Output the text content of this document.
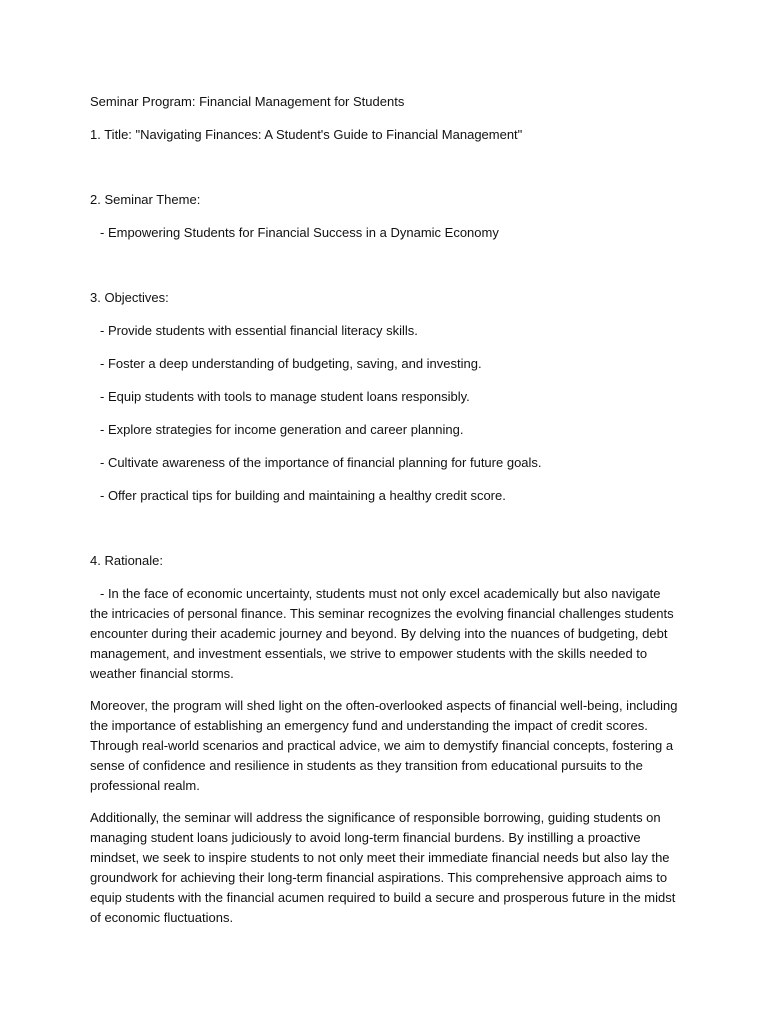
Seminar Program: Financial Management for Students

1. Title: "Navigating Finances: A Student's Guide to Financial Management"

2. Seminar Theme:

- Empowering Students for Financial Success in a Dynamic Economy

3. Objectives:

- Provide students with essential financial literacy skills.

- Foster a deep understanding of budgeting, saving, and investing.

- Equip students with tools to manage student loans responsibly.

- Explore strategies for income generation and career planning.

- Cultivate awareness of the importance of financial planning for future goals.

- Offer practical tips for building and maintaining a healthy credit score.

4. Rationale:

- In the face of economic uncertainty, students must not only excel academically but also navigate the intricacies of personal finance. This seminar recognizes the evolving financial challenges students encounter during their academic journey and beyond. By delving into the nuances of budgeting, debt management, and investment essentials, we strive to empower students with the skills needed to weather financial storms.

Moreover, the program will shed light on the often-overlooked aspects of financial well-being, including the importance of establishing an emergency fund and understanding the impact of credit scores. Through real-world scenarios and practical advice, we aim to demystify financial concepts, fostering a sense of confidence and resilience in students as they transition from educational pursuits to the professional realm.

Additionally, the seminar will address the significance of responsible borrowing, guiding students on managing student loans judiciously to avoid long-term financial burdens. By instilling a proactive mindset, we seek to inspire students to not only meet their immediate financial needs but also lay the groundwork for achieving their long-term financial aspirations. This comprehensive approach aims to equip students with the financial acumen required to build a secure and prosperous future in the midst of economic fluctuations.
